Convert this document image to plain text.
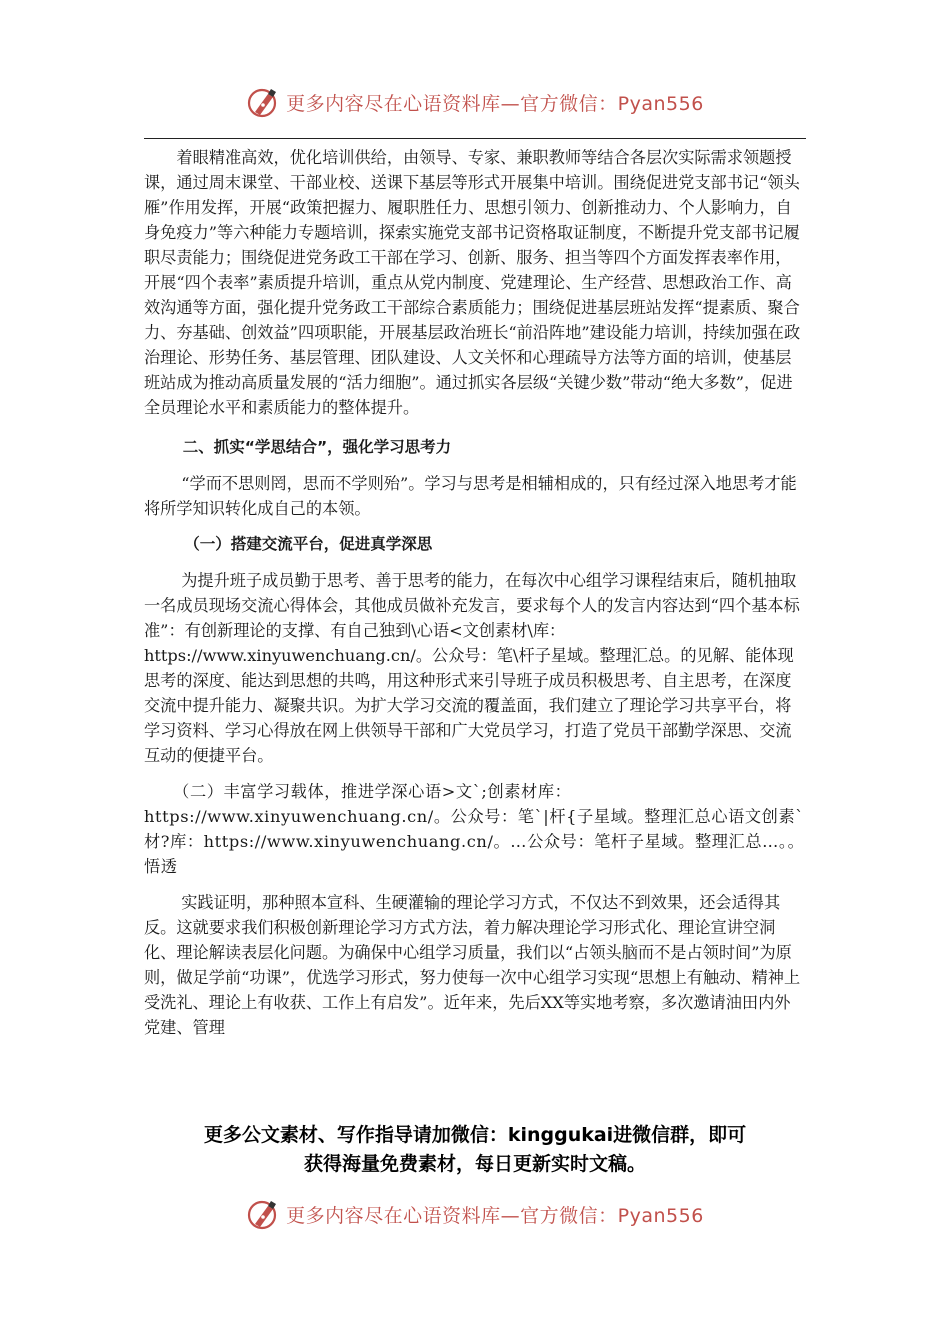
更多内容尽在心语资料库—官方微信：Pyan556

着眼精准高效，优化培训供给，由领导、专家、兼职教师等结合各层次实际需求领题授课，通过周末课堂、干部业校、送课下基层等形式开展集中培训。围绕促进党支部书记“领头雁”作用发挥，开展“政策把握力、履职胜任力、思想引领力、创新推动力、个人影响力，自身免疫力”等六种能力专题培训，探索实施党支部书记资格取证制度，不断提升党支部书记履职尽责能力；围绕促进党务政工干部在学习、创新、服务、担当等四个方面发挥表率作用，开展“四个表率”素质提升培训，重点从党内制度、党建理论、生产经营、思想政治工作、高效沟通等方面，强化提升党务政工干部综合素质能力；围绕促进基层班站发挥“提素质、聚合力、夯基础、创效益”四项职能，开展基层政治班长“前沿阵地”建设能力培训，持续加强在政治理论、形势任务、基层管理、团队建设、人文关怀和心理疏导方法等方面的培训，使基层班站成为推动高质量发展的“活力细胞”。通过抓实各层级“关键少数”带动“绝大多数”，促进全员理论水平和素质能力的整体提升。

二、抓实“学思结合”，强化学习思考力

“学而不思则罔，思而不学则殆”。学习与思考是相辅相成的，只有经过深入地思考才能将所学知识转化成自己的本领。

（一）搭建交流平台，促进真学深思

为提升班子成员勤于思考、善于思考的能力，在每次中心组学习课程结束后，随机抽取一名成员现场交流心得体会，其他成员做补充发言，要求每个人的发言内容达到“四个基本标准”：有创新理论的支撑、有自己独到\心语<文创素材\库：https://www.xinyuwenchuang.cn/。公众号：笔\杆子星域。整理汇总。的见解、能体现思考的深度、能达到思想的共鸣，用这种形式来引导班子成员积极思考、自主思考，在深度交流中提升能力、凝聚共识。为扩大学习交流的覆盖面，我们建立了理论学习共享平台，将学习资料、学习心得放在网上供领导干部和广大党员学习，打造了党员干部勤学深思、交流互动的便捷平台。

（二）丰富学习载体，推进学深心语>文`;创素材库：https://www.xinyuwenchuang.cn/。公众号：笔`|杆{子星域。整理汇总心语文创素`材?库：https://www.xinyuwenchuang.cn/。…公众号：笔杆子星域。整理汇总…。。悟透

实践证明，那种照本宣科、生硬灌输的理论学习方式，不仅达不到效果，还会适得其反。这就要求我们积极创新理论学习方式方法，着力解决理论学习形式化、理论宣讲空洞化、理论解读表层化问题。为确保中心组学习质量，我们以“占领头脑而不是占领时间”为原则，做足学前“功课”，优选学习形式，努力使每一次中心组学习实现“思想上有触动、精神上受洗礼、理论上有收获、工作上有启发”。近年来，先后XX等实地考察，多次邀请油田内外党建、管理

更多公文素材、写作指导请加微信：kinggukai进微信群，即可
获得海量免费素材，每日更新实时文稿。
更多内容尽在心语资料库—官方微信：Pyan556
